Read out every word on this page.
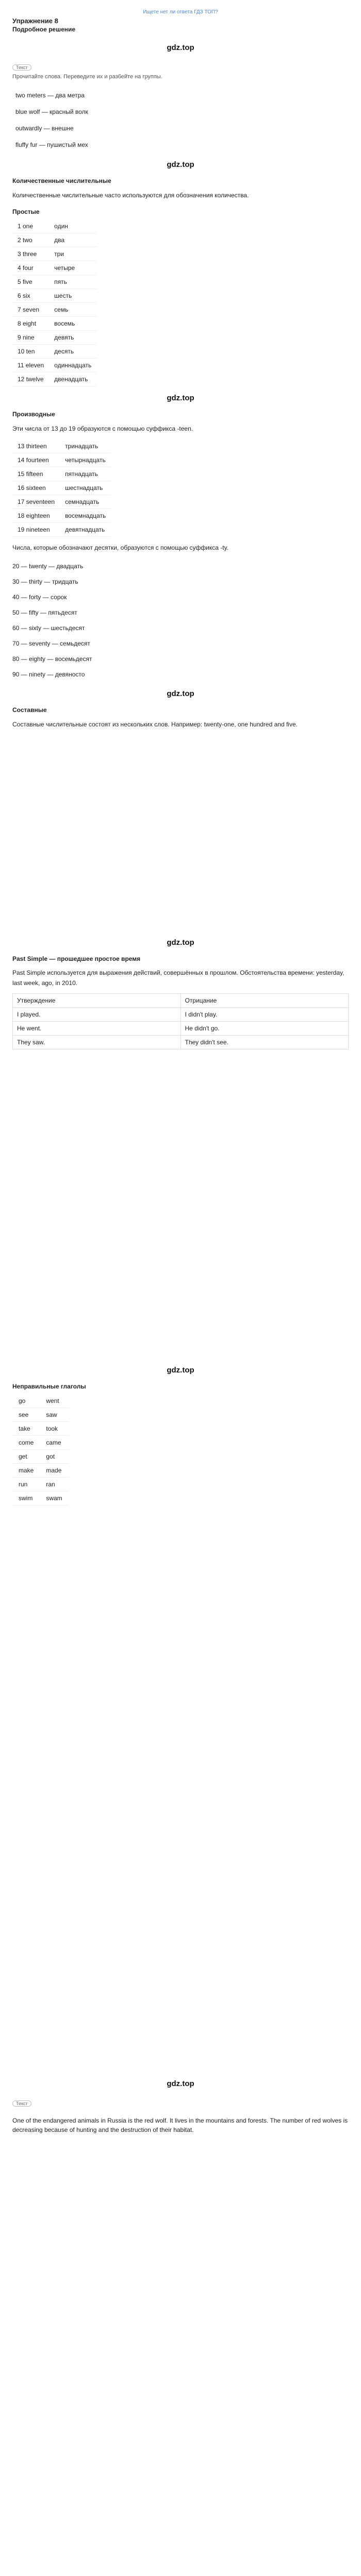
Ищете нет ли ответа ГДЗ ТОП?
Упражнение 8
Подробное решение
gdz.top
Текст
Прочитайте слова. Переведите их и разбейте на группы.
two meters — два метра
blue wolf — красный волк
outwardly — внешне
fluffy fur — пушистый мех
gdz.top
Количественные числительные
Количественные числительные часто используются для обозначения количества.
Простые
1 one	один
2 two	два
3 three	три
4 four	четыре
5 five	пять
6 six	шесть
7 seven	семь
8 eight	восемь
9 nine	девять
10 ten	десять
11 eleven	одиннадцать
12 twelve	двенадцать
gdz.top
Производные
Эти числа от 13 до 19 образуются с помощью суффикса -teen.
13 thirteen	тринадцать
14 fourteen	четырнадцать
15 fifteen	пятнадцать
16 sixteen	шестнадцать
17 seventeen	семнадцать
18 eighteen	восемнадцать
19 nineteen	девятнадцать
Числа, которые обозначают десятки, образуются с помощью суффикса -ty.
20 — twenty — двадцать
30 — thirty — тридцать
40 — forty — сорок
50 — fifty — пятьдесят
60 — sixty — шестьдесят
70 — seventy — семьдесят
80 — eighty — восемьдесят
90 — ninety — девяносто
gdz.top
Составные
Составные числительные состоят из нескольких слов. Например: twenty-one, one hundred and five.
gdz.top
Past Simple — прошедшее простое время
Past Simple используется для выражения действий, совершённых в прошлом. Обстоятельства времени: yesterday, last week, ago, in 2010.
Утверждение	Отрицание
I played.	I didn't play.
He went.	He didn't go.
They saw.	They didn't see.
gdz.top
Неправильные глаголы
go	went
see	saw
take	took
come	came
get	got
make	made
run	ran
swim	swam
gdz.top
Текст
One of the endangered animals in Russia is the red wolf. It lives in the mountains and forests. The number of red wolves is decreasing because of hunting and the destruction of their habitat.
